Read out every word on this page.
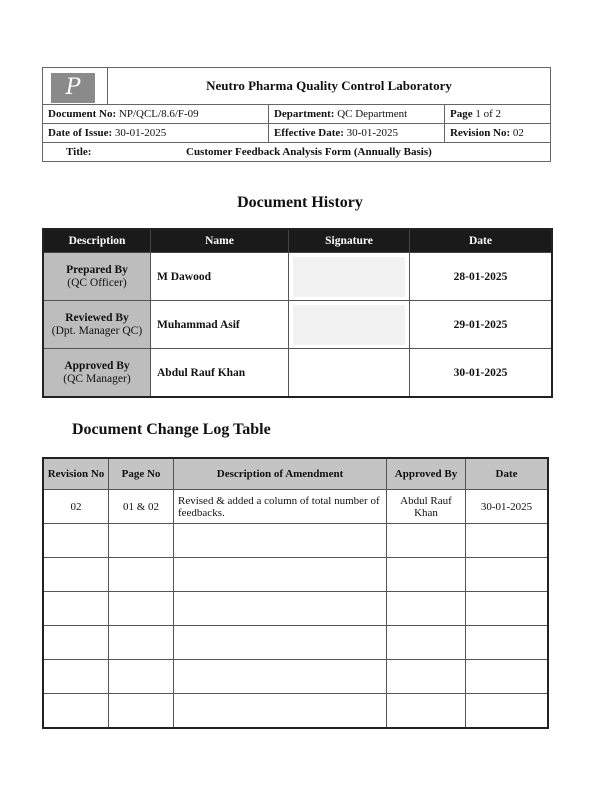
P	Neutro Pharma Quality Control Laboratory		
Document No: NP/QCL/8.6/F-09		Department: QC Department	Page 1 of 2
Date of Issue: 30-01-2025		Effective Date: 30-01-2025	Revision No: 02
Title: Customer Feedback Analysis Form (Annually Basis)			
Document History
Description	Name	Signature	Date
Prepared By
(QC Officer)	M Dawood		28-01-2025
Reviewed By
(Dpt. Manager QC)	Muhammad Asif		29-01-2025
Approved By
(QC Manager)	Abdul Rauf Khan		30-01-2025
Document Change Log Table
Revision No	Page No	Description of Amendment	Approved By	Date
02	01 & 02	Revised & added a column of total number of feedbacks.	Abdul Rauf Khan	30-01-2025
